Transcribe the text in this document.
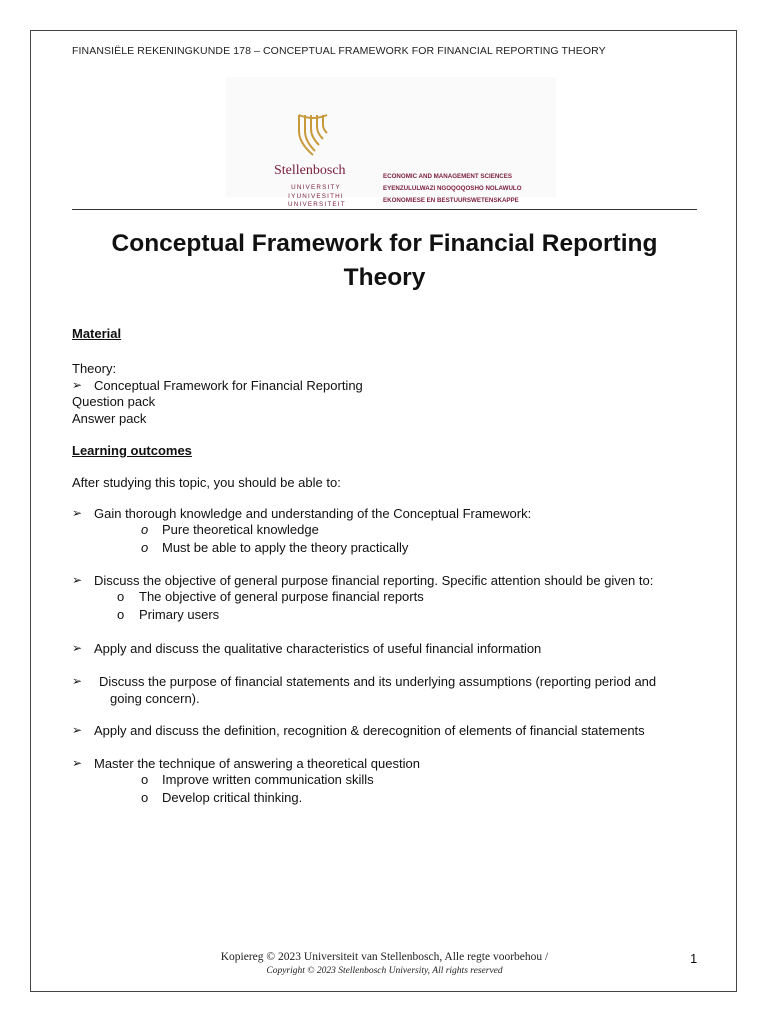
FINANSIËLE REKENINGKUNDE 178 – CONCEPTUAL FRAMEWORK FOR FINANCIAL REPORTING THEORY
Stellenbosch
UNIVERSITY
IYUNIVESITHI
UNIVERSITEIT
ECONOMIC AND MANAGEMENT SCIENCES
EYENZULULWAZI NGOQOQOSHO NOLAWULO
EKONOMIESE EN BESTUURSWETENSKAPPE
Conceptual Framework for Financial Reporting Theory
Material
Theory:
➢ Conceptual Framework for Financial Reporting
Question pack
Answer pack
Learning outcomes
After studying this topic, you should be able to:
➢ Gain thorough knowledge and understanding of the Conceptual Framework:
o Pure theoretical knowledge
o Must be able to apply the theory practically
➢ Discuss the objective of general purpose financial reporting. Specific attention should be given to:
o The objective of general purpose financial reports
o Primary users
➢ Apply and discuss the qualitative characteristics of useful financial information
➢ Discuss the purpose of financial statements and its underlying assumptions (reporting period and
going concern).
➢ Apply and discuss the definition, recognition & derecognition of elements of financial statements
➢ Master the technique of answering a theoretical question
o Improve written communication skills
o Develop critical thinking.
Kopiereg © 2023 Universiteit van Stellenbosch, Alle regte voorbehou /
Copyright © 2023 Stellenbosch University, All rights reserved
1
